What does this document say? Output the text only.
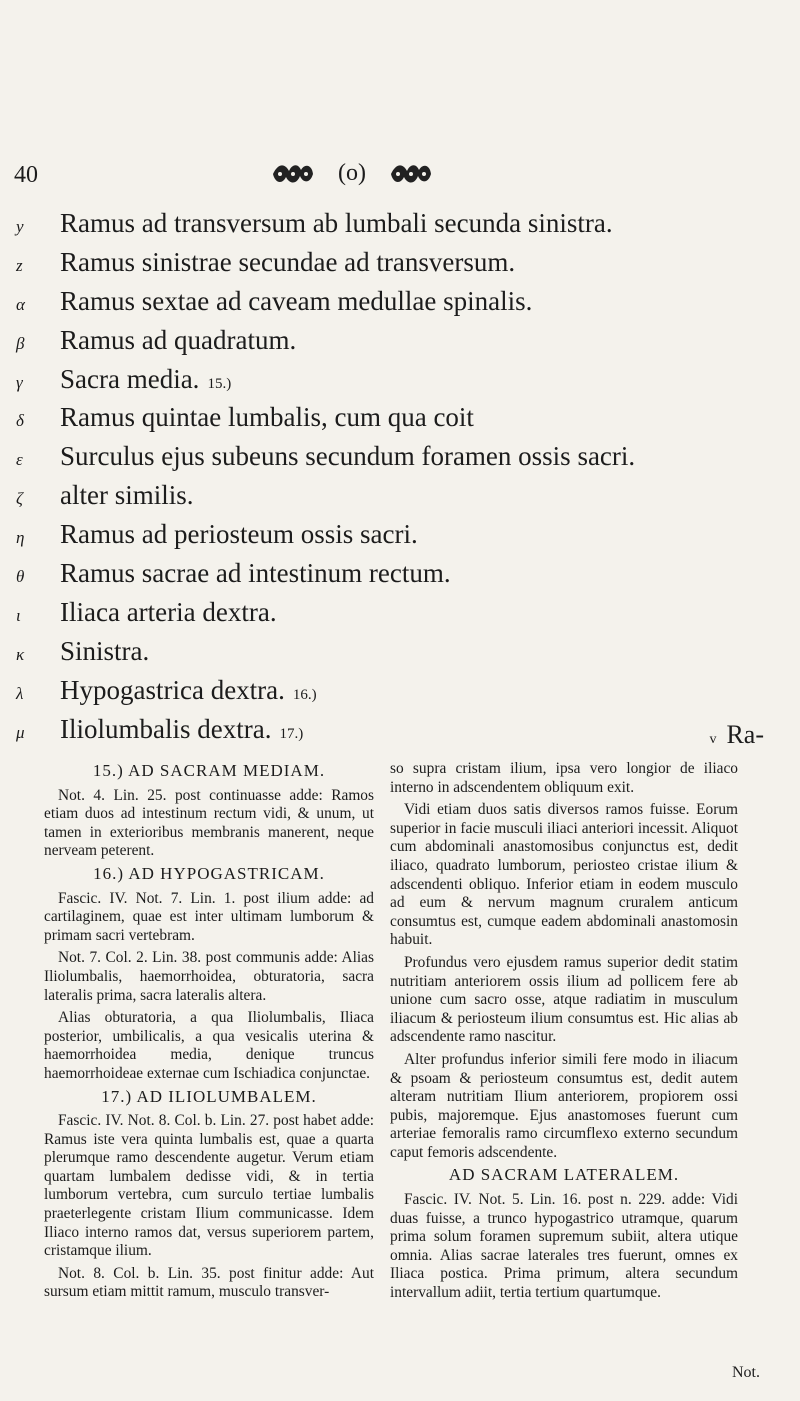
40	(o)
y	Ramus ad transversum ab lumbali secunda sinistra.
z	Ramus sinistrae secundae ad transversum.
α	Ramus sextae ad caveam medullae spinalis.
β	Ramus ad quadratum.
γ	Sacra media. 15.)
δ	Ramus quintae lumbalis, cum qua coit
ε	Surculus ejus subeuns secundum foramen ossis sacri.
ζ	alter similis.
η	Ramus ad periosteum ossis sacri.
θ	Ramus sacrae ad intestinum rectum.
ι	Iliaca arteria dextra.
κ	Sinistra.
λ	Hypogastrica dextra. 16.)
μ	Iliolumbalis dextra. 17.)	v Ra-
15.) AD SACRAM MEDIAM.

Not. 4. Lin. 25. post continuasse adde: Ramos etiam duos ad intestinum rectum vidi, & unum, ut tamen in exterioribus membranis manerent, neque nerveam peterent.

16.) AD HYPOGASTRICAM.

Fascic. IV. Not. 7. Lin. 1. post ilium adde: ad cartilaginem, quae est inter ultimam lumborum & primam sacri vertebram.

Not. 7. Col. 2. Lin. 38. post communis adde: Alias Iliolumbalis, haemorrhoidea, obturatoria, sacra lateralis prima, sacra lateralis altera.

Alias obturatoria, a qua Iliolumbalis, Iliaca posterior, umbilicalis, a qua vesicalis uterina & haemorrhoidea media, denique truncus haemorrhoideae externae cum Ischiadica conjunctae.

17.) AD ILIOLUMBALEM.

Fascic. IV. Not. 8. Col. b. Lin. 27. post habet adde: Ramus iste vera quinta lumbalis est, quae a quarta plerumque ramo descendente augetur. Verum etiam quartam lumbalem dedisse vidi, & in tertia lumborum vertebra, cum surculo tertiae lumbalis praeterlegente cristam Ilium communicasse. Idem Iliaco interno ramos dat, versus superiorem partem, cristamque ilium.

Not. 8. Col. b. Lin. 35. post finitur adde: Aut sursum etiam mittit ramum, musculo transver-

so supra cristam ilium, ipsa vero longior de iliaco interno in adscendentem obliquum exit.

Vidi etiam duos satis diversos ramos fuisse. Eorum superior in facie musculi iliaci anteriori incessit. Aliquot cum abdominali anastomosibus conjunctus est, dedit iliaco, quadrato lumborum, periosteo cristae ilium & adscendenti obliquo. Inferior etiam in eodem musculo ad eum & nervum magnum cruralem anticum consumtus est, cumque eadem abdominali anastomosin habuit.

Profundus vero ejusdem ramus superior dedit statim nutritiam anteriorem ossis ilium ad pollicem fere ab unione cum sacro osse, atque radiatim in musculum iliacum & periosteum ilium consumtus est. Hic alias ab adscendente ramo nascitur.

Alter profundus inferior simili fere modo in iliacum & psoam & periosteum consumtus est, dedit autem alteram nutritiam Ilium anteriorem, propiorem ossi pubis, majoremque. Ejus anastomoses fuerunt cum arteriae femoralis ramo circumflexo externo secundum caput femoris adscendente.

AD SACRAM LATERALEM.

Fascic. IV. Not. 5. Lin. 16. post n. 229. adde: Vidi duas fuisse, a trunco hypogastrico utramque, quarum prima solum foramen supremum subiit, altera utique omnia. Alias sacrae laterales tres fuerunt, omnes ex Iliaca postica. Prima primum, altera secundum intervallum adiit, tertia tertium quartumque.

Not.
